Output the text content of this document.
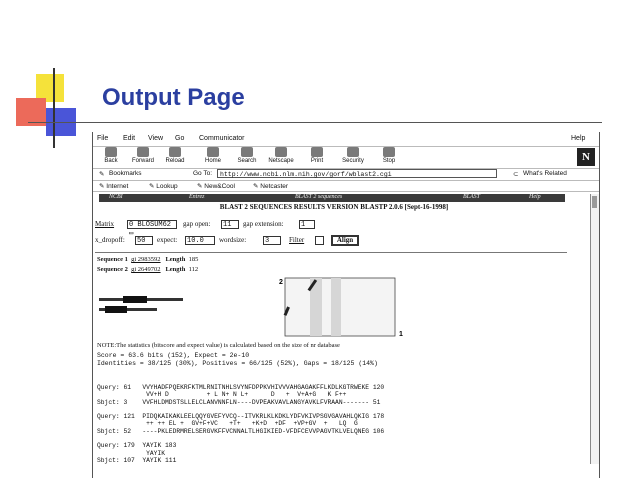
Output Page
File Edit View Go Communicator	Help
Back	Forward	Reload	Home	Search	Netscape	Print	Security	Stop	N
✎ Bookmarks	Go To:	http://www.ncbi.nlm.nih.gov/gorf/wblast2.cgi	⊂ What's Related
✎ Internet	✎ Lookup	✎ New&Cool	✎ Netcaster
NCBI	Entrez	BLAST 2 sequences	BLAST	Help
BLAST 2 SEQUENCES RESULTS VERSION BLASTP 2.0.6 [Sept-16-1998]
Matrix 0 BLOSUM62 ▭
gap open: 11	gap extension: 1
x_dropoff: 50	expect: 10.0	wordsize:	3	Filter	Align
Sequence 1 gi 2983592 Length 185
Sequence 2 gi 2649702 Length 112
2
1
NOTE:The statistics (bitscore and expect value) is calculated based on the size of nr database
Score = 63.6 bits (152), Expect = 2e-10
Identities = 38/125 (30%), Positives = 66/125 (52%), Gaps = 18/125 (14%)
Query: 61   VVYHADFPQEKRFKTMLRNITNHLSVYNFDPPKVHIVVVAHGAGAKFFLKDLKGTRWEKE 120
VV+H D          + L N+ N L+      D   +  V+A+G   K F++
Sbjct: 3    VVFHLDMDSTSLLELCLANVNNFLN----DVPEAKVAVLANGYAVKLFVRAAN------- 51

Query: 121  PIDQKAIKAKLEELQQYGVEFYVCQ--ITVKRLKLKDKLYDFVKIVPSGVGAVAHLQKIG 178
++ ++ EL +  GV+F+VC   +T+   +K+D  +DF  +VP+GV  +   LQ  G
Sbjct: 52   ----PKLEDRMRELSERGVKFFVCNNALTLHGIKIED-VFDFCEVVPAGVTKLVELQNEG 106

Query: 179  YAYIK 183
YAYIK
Sbjct: 107  YAYIK 111
